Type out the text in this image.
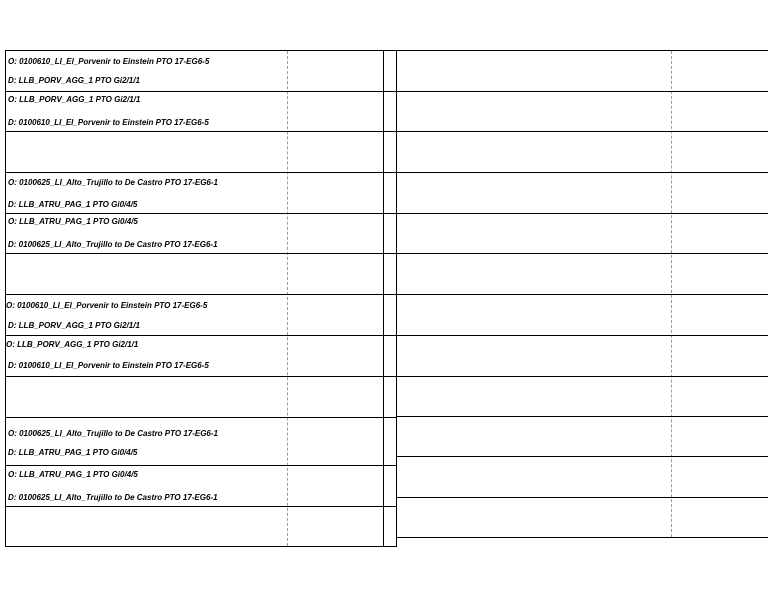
O: 0100610_LI_El_Porvenir to Einstein PTO 17-EG6-5
D: LLB_PORV_AGG_1 PTO Gi2/1/1
O: LLB_PORV_AGG_1 PTO Gi2/1/1
D: 0100610_LI_El_Porvenir to Einstein PTO 17-EG6-5
O: 0100625_LI_Alto_Trujillo to De Castro PTO 17-EG6-1
D: LLB_ATRU_PAG_1 PTO Gi0/4/5
O: LLB_ATRU_PAG_1 PTO Gi0/4/5
D: 0100625_LI_Alto_Trujillo to De Castro PTO 17-EG6-1
O: 0100610_LI_El_Porvenir to Einstein PTO 17-EG6-5
D: LLB_PORV_AGG_1 PTO Gi2/1/1
O: LLB_PORV_AGG_1 PTO Gi2/1/1
D: 0100610_LI_El_Porvenir to Einstein PTO 17-EG6-5
O: 0100625_LI_Alto_Trujillo to De Castro PTO 17-EG6-1
D: LLB_ATRU_PAG_1 PTO Gi0/4/5
O: LLB_ATRU_PAG_1 PTO Gi0/4/5
D: 0100625_LI_Alto_Trujillo to De Castro PTO 17-EG6-1
